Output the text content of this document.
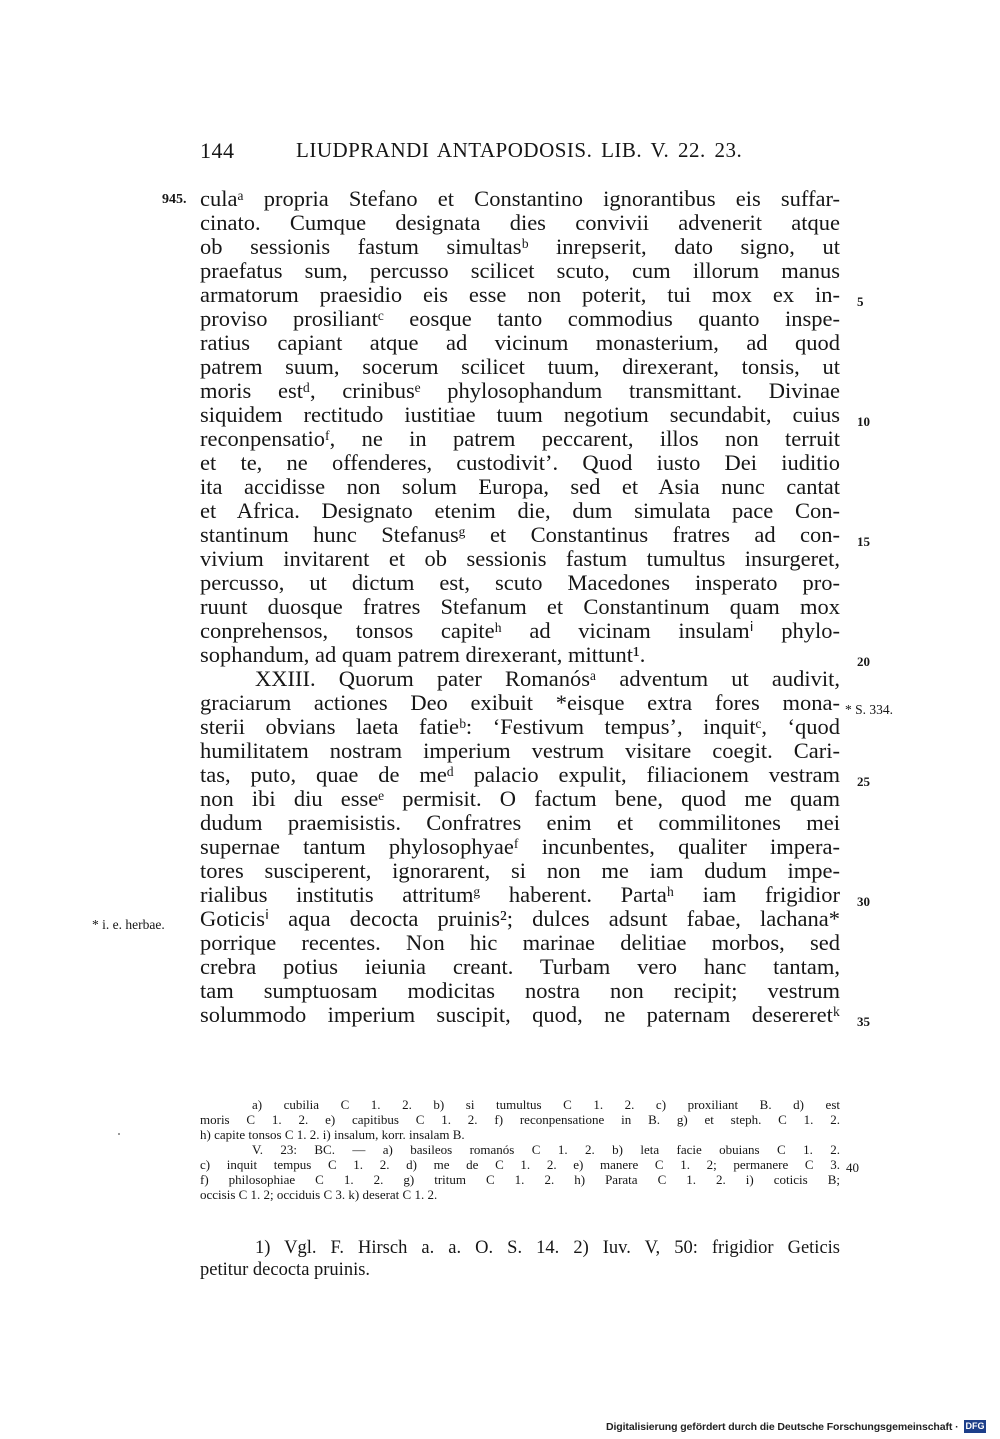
144	LIUDPRANDI ANTAPODOSIS. LIB. V. 22. 23.
945. culaᵃ propria Stefano et Constantino ignorantibus eis suffar-
cinato. Cumque designata dies convivii advenerit atque
ob sessionis fastum simultasᵇ inrepserit, dato signo, ut
praefatus sum, percusso scilicet scuto, cum illorum manus
armatorum praesidio eis esse non poterit, tui mox ex in-
proviso prosiliantᶜ eosque tanto commodius quanto inspe-
ratius capiant atque ad vicinum monasterium, ad quod
patrem suum, socerum scilicet tuum, direxerant, tonsis, ut
moris estᵈ, crinibusᵉ phylosophandum transmittant. Divinae
siquidem rectitudo iustitiae tuum negotium secundabit, cuius
reconpensatioᶠ, ne in patrem peccarent, illos non terruit
et te, ne offenderes, custodivit’. Quod iusto Dei iuditio
ita accidisse non solum Europa, sed et Asia nunc cantat
et Africa. Designato etenim die, dum simulata pace Con-
stantinum hunc Stefanusᵍ et Constantinus fratres ad con-
vivium invitarent et ob sessionis fastum tumultus insurgeret,
percusso, ut dictum est, scuto Macedones insperato pro-
ruunt duosque fratres Stefanum et Constantinum quam mox
conprehensos, tonsos capiteʰ ad vicinam insulamⁱ phylo-
sophandum, ad quam patrem direxerant, mittunt¹.
XXIII. Quorum pater Romanósᵃ adventum ut audivit,
graciarum actiones Deo exibuit *eisque extra fores mona-
sterii obvians laeta fatieᵇ: ‘Festivum tempus’, inquitᶜ, ‘quod
humilitatem nostram imperium vestrum visitare coegit. Cari-
tas, puto, quae de meᵈ palacio expulit, filiacionem vestram
non ibi diu esseᵉ permisit. O factum bene, quod me quam
dudum praemisistis. Confratres enim et commilitones mei
supernae tantum phylosophyaeᶠ incunbentes, qualiter impera-
tores susciperent, ignorarent, si non me iam dudum impe-
rialibus institutis attritumᵍ haberent. Partaʰ iam frigidior
Goticisⁱ aqua decocta pruinis²; dulces adsunt fabae, lachana*
porrique recentes. Non hic marinae delitiae morbos, sed
crebra potius ieiunia creant. Turbam vero hanc tantam,
tam sumptuosam modicitas nostra non recipit; vestrum
solummodo imperium suscipit, quod, ne paternam desereretᵏ
5
10
15
20
25
30
35
* S. 334.
* i. e. herbae.
a) cubilia C 1. 2. b) si tumultus C 1. 2. c) proxiliant B. d) est
moris C 1. 2. e) capitibus C 1. 2. f) reconpensatione in B. g) et steph. C 1. 2.
h) capite tonsos C 1. 2. i) insalum, korr. insalam B.
V. 23: BC. — a) basileos romanós C 1. 2. b) leta facie obuians C 1. 2.
c) inquit tempus C 1. 2. d) me de C 1. 2. e) manere C 1. 2; permanere C 3.
f) philosophiae C 1. 2. g) tritum C 1. 2. h) Parata C 1. 2. i) coticis B;
occisis C 1. 2; occiduis C 3. k) deserat C 1. 2.
40
1) Vgl. F. Hirsch a. a. O. S. 14. 2) Iuv. V, 50: frigidior Geticis
petitur decocta pruinis.
Digitalisierung gefördert durch die Deutsche Forschungsgemeinschaft · DFG
